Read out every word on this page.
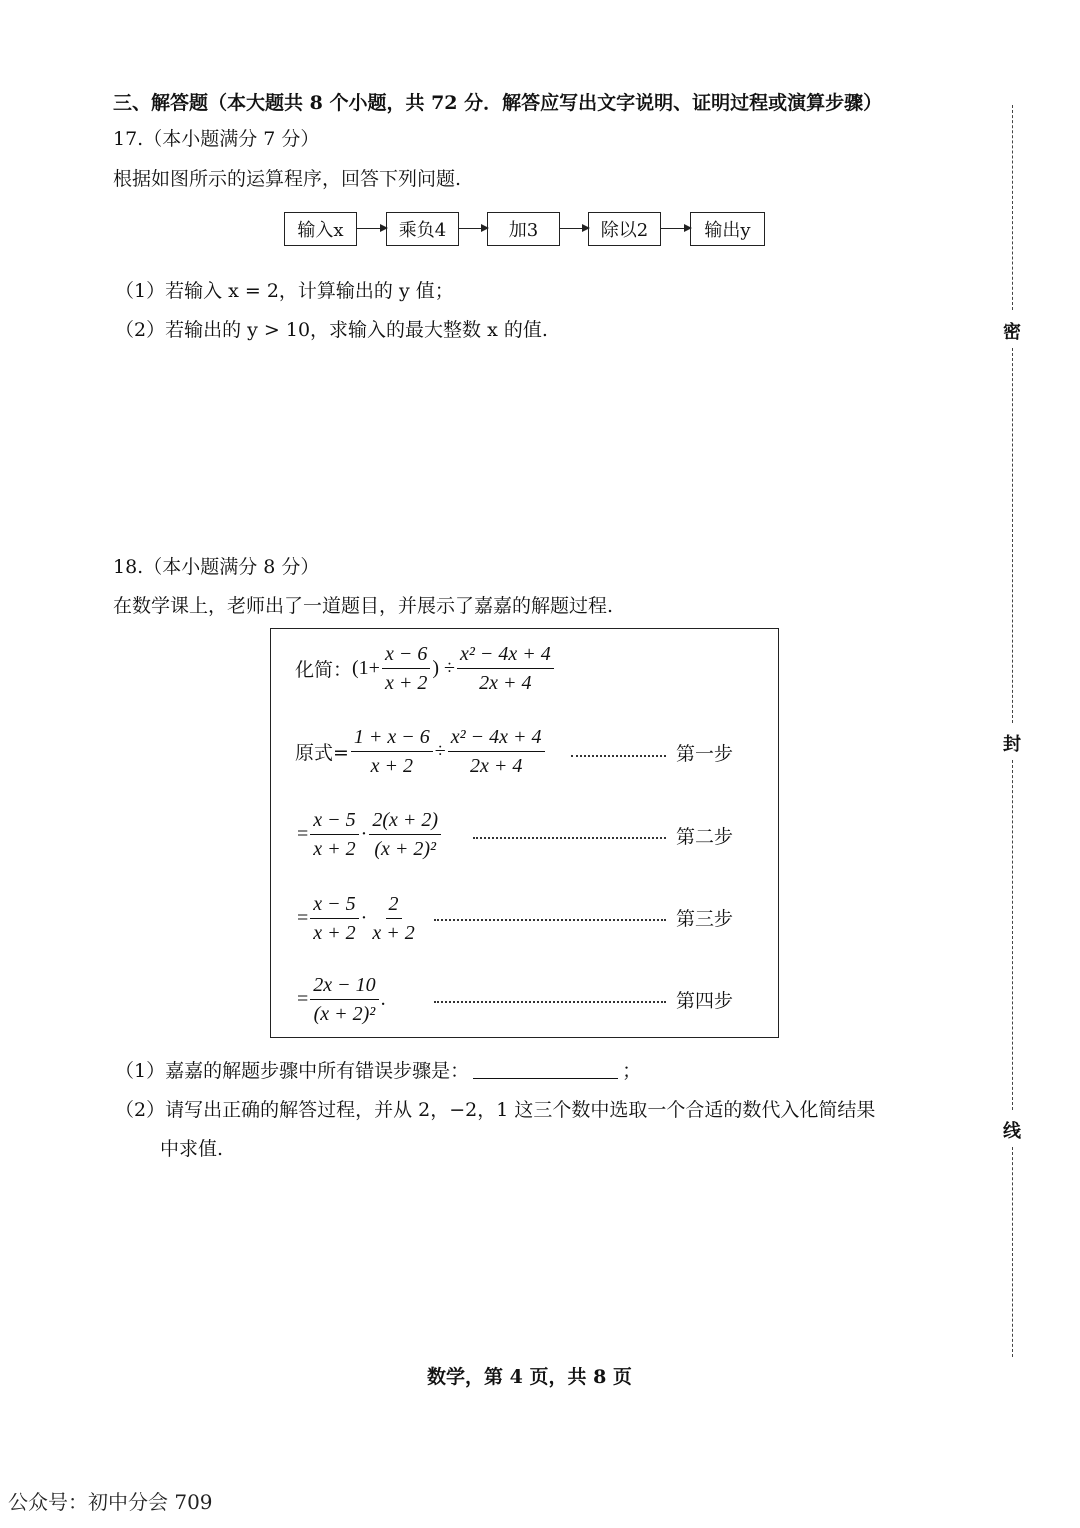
三、解答题（本大题共 8 个小题，共 72 分．解答应写出文字说明、证明过程或演算步骤）
17.（本小题满分 7 分）
根据如图所示的运算程序，回答下列问题.
输入x	乘负4	加3	除以2	输出y
（1）若输入 x = 2，计算输出的 y 值；
（2）若输出的 y > 10，求输入的最大整数 x 的值.
18.（本小题满分 8 分）
在数学课上，老师出了一道题目，并展示了嘉嘉的解题过程.
化简： ($1+ \frac{x - 6}{x + 2}$ ) ÷ $\frac{\text{x² − 4x + 4}}{2x + 4}$
原式= $\frac{1 + x - 6}{x + 2} \div \frac{\text{x² − 4x + 4}}{2x + 4}$	第一步
= $\frac{x - 5}{x + 2} \cdot \frac{2(x + 2)}{\text{(x + 2)²}}$	第二步
= $\frac{x - 5}{x + 2} \cdot \frac{2}{x + 2}$	第三步
= $\frac{2x - 10}{\text{(x + 2)²}}$ .	第四步
（1）嘉嘉的解题步骤中所有错误步骤是：	；
（2）请写出正确的解答过程，并从 2，−2，1 这三个数中选取一个合适的数代入化简结果
中求值.
密
封
线
数学，第 4 页，共 8 页
公众号：初中分会 709
